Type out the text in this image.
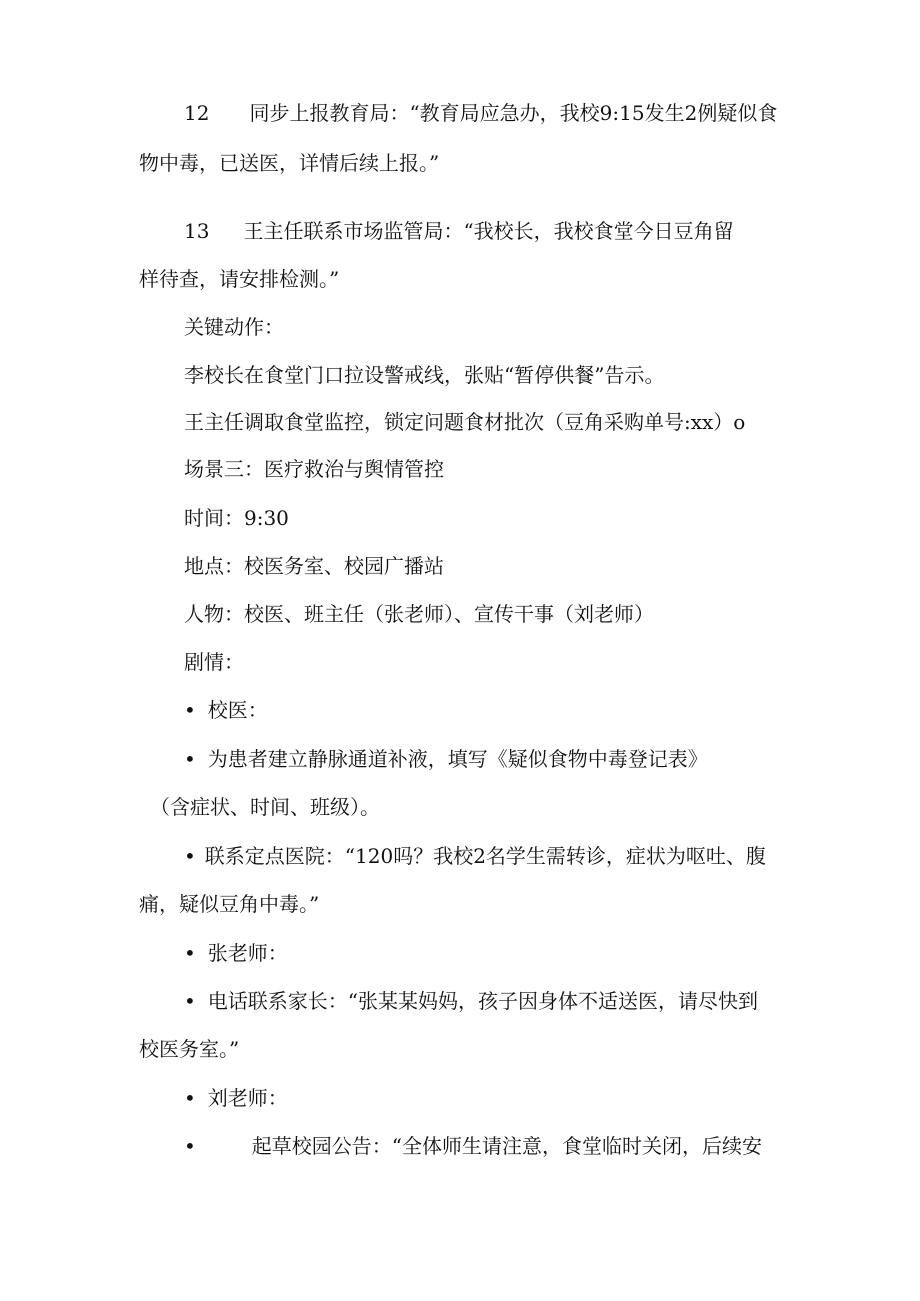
12 同步上报教育局：“教育局应急办，我校9:15发生2例疑似食
物中毒，已送医，详情后续上报。”
13 王主任联系市场监管局：“我校长，我校食堂今日豆角留
样待查，请安排检测。”
关键动作：
李校长在食堂门口拉设警戒线，张贴“暂停供餐”告示。
王主任调取食堂监控，锁定问题食材批次（豆角采购单号:xx）o
场景三：医疗救治与舆情管控
时间：9:30
地点：校医务室、校园广播站
人物：校医、班主任（张老师）、宣传干事（刘老师）
剧情：
• 校医：
• 为患者建立静脉通道补液，填写《疑似食物中毒登记表》
（含症状、时间、班级）。
• 联系定点医院：“120吗？我校2名学生需转诊，症状为呕吐、腹
痛，疑似豆角中毒。”
• 张老师：
• 电话联系家长：“张某某妈妈，孩子因身体不适送医，请尽快到
校医务室。”
• 刘老师：
•	起草校园公告：“全体师生请注意，食堂临时关闭，后续安
